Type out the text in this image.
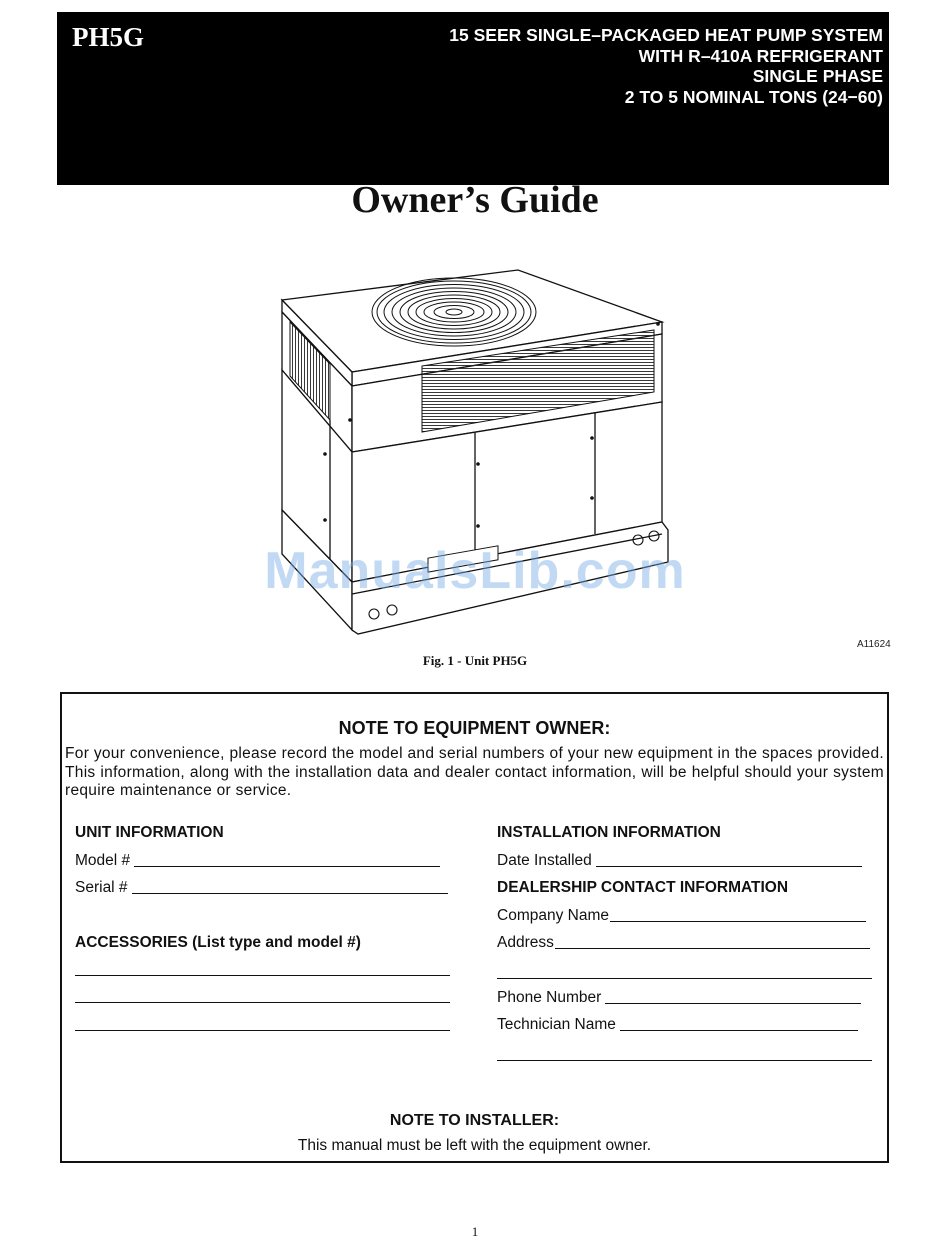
PH5G	15 SEER SINGLE–PACKAGED HEAT PUMP SYSTEM
WITH R–410A REFRIGERANT
SINGLE PHASE
2 TO 5 NOMINAL TONS (24−60)
Owner’s Guide
ManualsLib.com
A11624
Fig. 1 - Unit PH5G
NOTE TO EQUIPMENT OWNER:
For your convenience, please record the model and serial numbers of your new equipment in the spaces provided. This information, along with the installation data and dealer contact information, will be helpful should your system require maintenance or service.
UNIT INFORMATION
Model #
Serial #
ACCESSORIES (List type and model #)
INSTALLATION INFORMATION
Date Installed
DEALERSHIP CONTACT INFORMATION
Company Name
Address
Phone Number
Technician Name
NOTE TO INSTALLER:
This manual must be left with the equipment owner.
1
